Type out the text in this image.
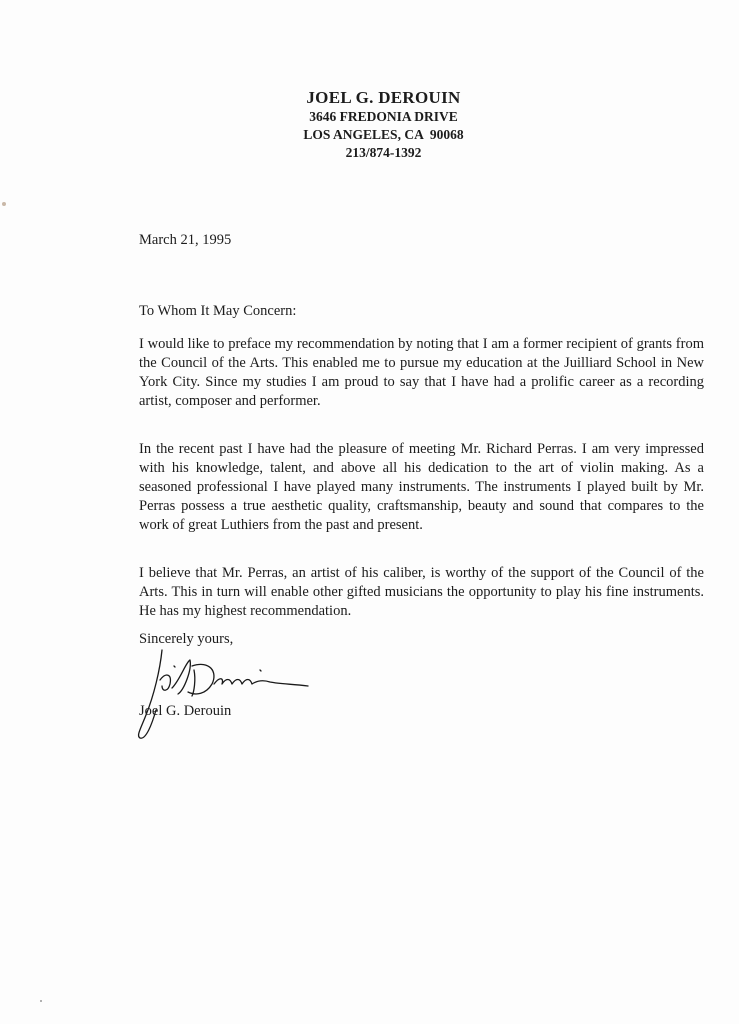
JOEL G. DEROUIN
3646 FREDONIA DRIVE
LOS ANGELES, CA  90068
213/874-1392
March 21, 1995
To Whom It May Concern:
I would like to preface my recommendation by noting that I am a former recipient of grants from the Council of the Arts. This enabled me to pursue my education at the Juilliard School in New York City. Since my studies I am proud to say that I have had a prolific career as a recording artist, composer and performer.
In the recent past I have had the pleasure of meeting Mr. Richard Perras. I am very impressed with his knowledge, talent, and above all his dedication to the art of violin making. As a seasoned professional I have played many instruments. The instruments I played built by Mr. Perras possess a true aesthetic quality, craftsmanship, beauty and sound that compares to the work of great Luthiers from the past and present.
I believe that Mr. Perras, an artist of his caliber, is worthy of the support of the Council of the Arts. This in turn will enable other gifted musicians the opportunity to play his fine instruments. He has my highest recommendation.
Sincerely yours,
Joel G. Derouin
